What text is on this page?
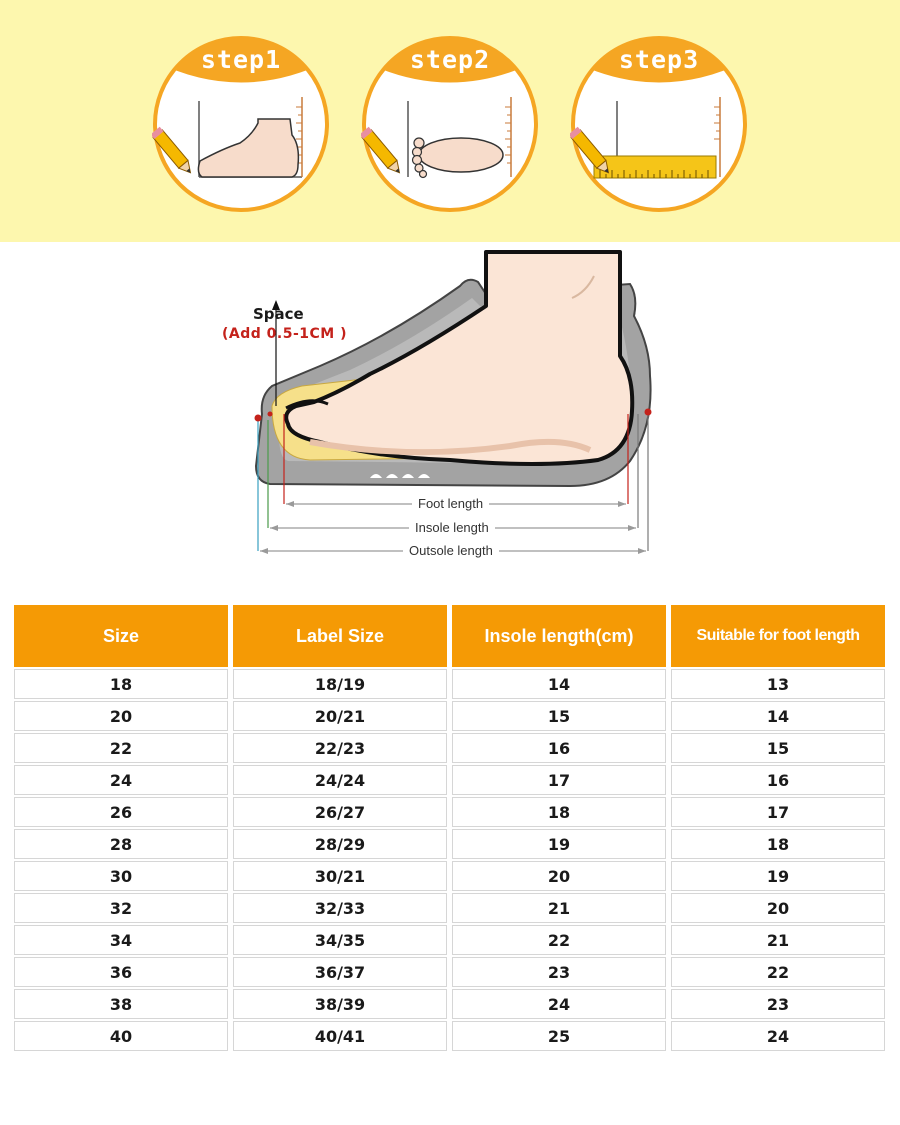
step1	step2	step3
Space
(Add 0.5-1CM )
Foot length
Insole length
Outsole length
Size	Label Size	Insole length(cm)	Suitable for foot length
18	18/19	14	13
20	20/21	15	14
22	22/23	16	15
24	24/24	17	16
26	26/27	18	17
28	28/29	19	18
30	30/21	20	19
32	32/33	21	20
34	34/35	22	21
36	36/37	23	22
38	38/39	24	23
40	40/41	25	24
